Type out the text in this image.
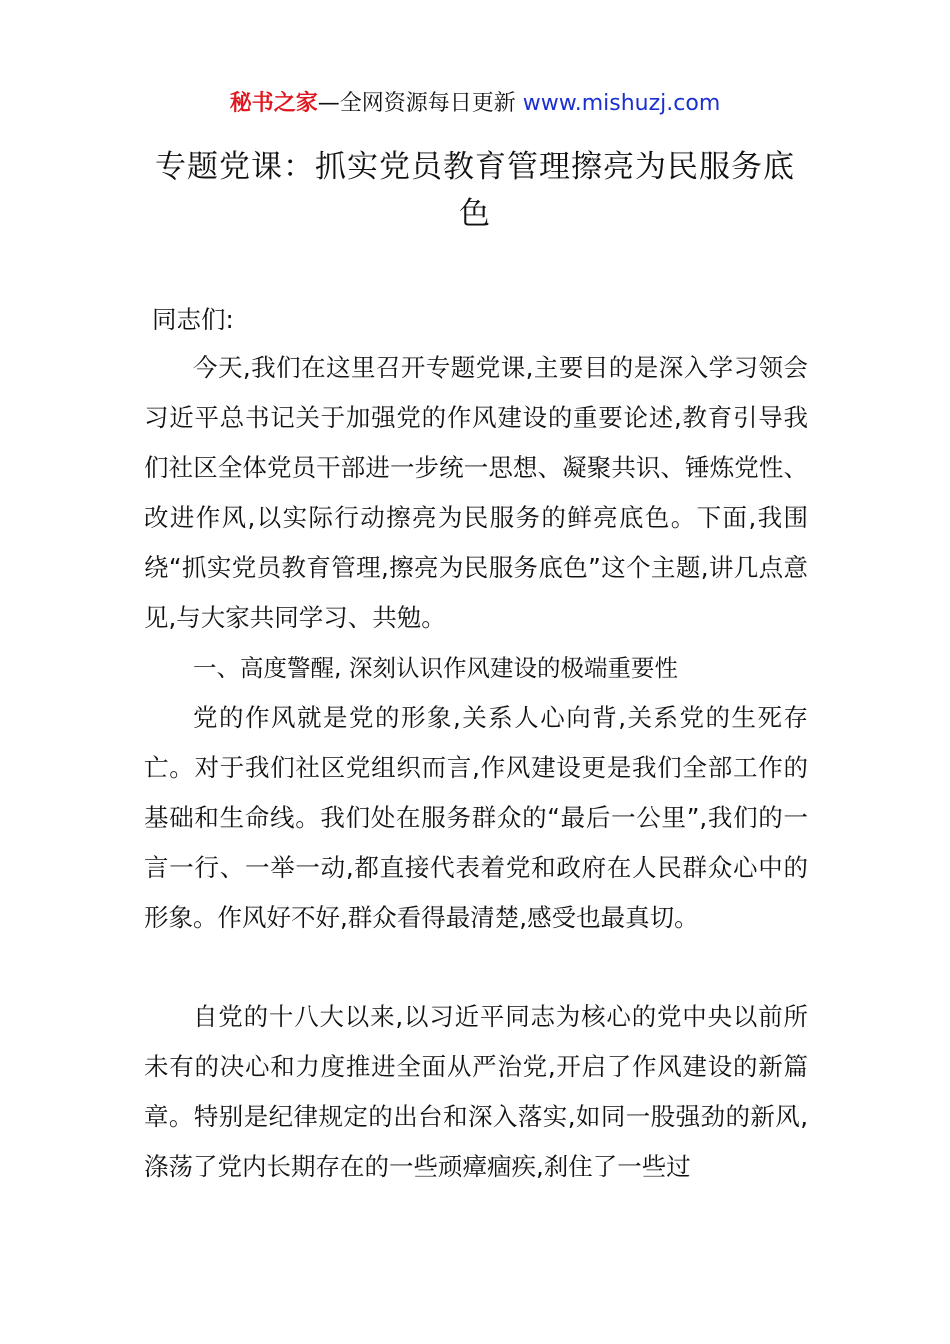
秘书之家—全网资源每日更新 www.mishuzj.com
专题党课：抓实党员教育管理擦亮为民服务底色
同志们:

今天,我们在这里召开专题党课,主要目的是深入学习领会习近平总书记关于加强党的作风建设的重要论述,教育引导我们社区全体党员干部进一步统一思想、凝聚共识、锤炼党性、改进作风,以实际行动擦亮为民服务的鲜亮底色。下面,我围绕“抓实党员教育管理,擦亮为民服务底色”这个主题,讲几点意见,与大家共同学习、共勉。

一、高度警醒, 深刻认识作风建设的极端重要性

党的作风就是党的形象,关系人心向背,关系党的生死存亡。对于我们社区党组织而言,作风建设更是我们全部工作的基础和生命线。我们处在服务群众的“最后一公里”,我们的一言一行、一举一动,都直接代表着党和政府在人民群众心中的形象。作风好不好,群众看得最清楚,感受也最真切。

自党的十八大以来,以习近平同志为核心的党中央以前所未有的决心和力度推进全面从严治党,开启了作风建设的新篇章。特别是纪律规定的出台和深入落实,如同一股强劲的新风,涤荡了党内长期存在的一些顽瘴痼疾,刹住了一些过
